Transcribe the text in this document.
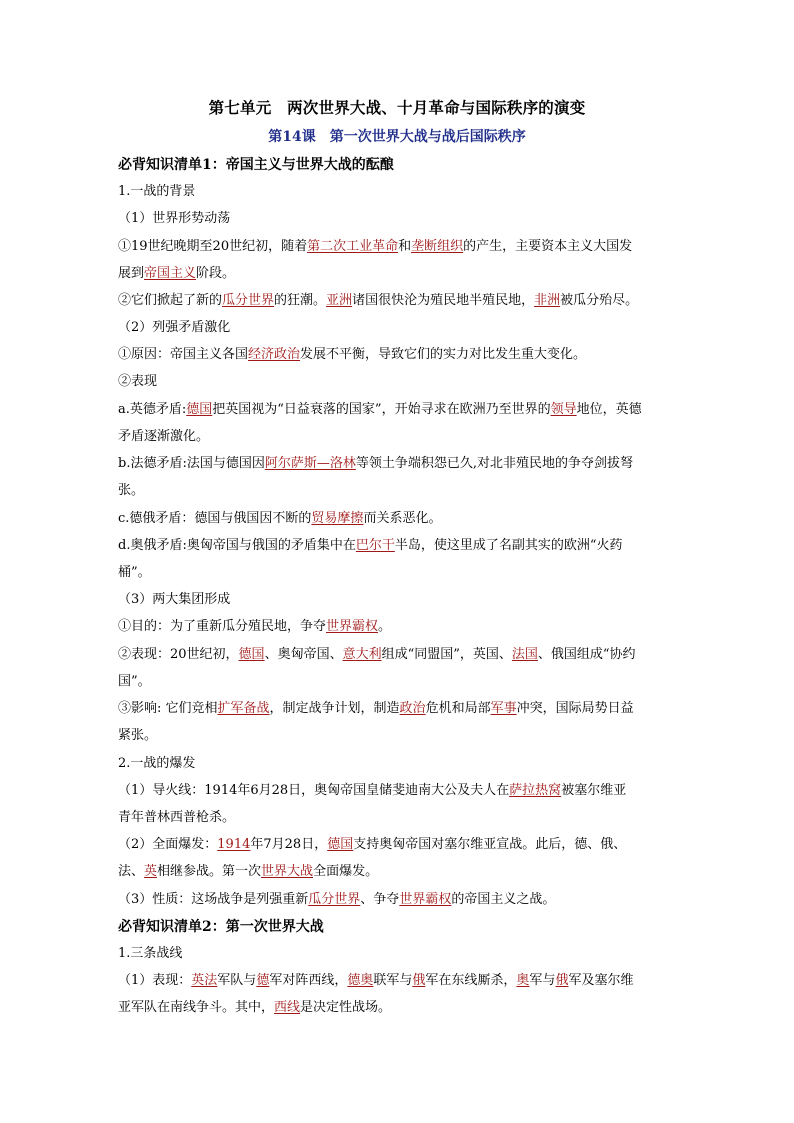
第七单元　两次世界大战、十月革命与国际秩序的演变
第14课　第一次世界大战与战后国际秩序
必背知识清单1：帝国主义与世界大战的酝酿
1.一战的背景
（1）世界形势动荡
①19世纪晚期至20世纪初，随着第二次工业革命和垄断组织的产生，主要资本主义大国发
展到帝国主义阶段。
②它们掀起了新的瓜分世界的狂潮。亚洲诸国很快沦为殖民地半殖民地，非洲被瓜分殆尽。
（2）列强矛盾激化
①原因：帝国主义各国经济政治发展不平衡，导致它们的实力对比发生重大变化。
②表现
a.英德矛盾:德国把英国视为“日益衰落的国家”，开始寻求在欧洲乃至世界的领导地位，英德
矛盾逐渐激化。
b.法德矛盾:法国与德国因阿尔萨斯—洛林等领土争端积怨已久,对北非殖民地的争夺剑拔弩
张。
c.德俄矛盾：德国与俄国因不断的贸易摩擦而关系恶化。
d.奥俄矛盾:奥匈帝国与俄国的矛盾集中在巴尔干半岛，使这里成了名副其实的欧洲“火药
桶”。
（3）两大集团形成
①目的：为了重新瓜分殖民地，争夺世界霸权。
②表现：20世纪初，德国、奥匈帝国、意大利组成“同盟国”，英国、法国、俄国组成“协约
国”。
③影响: 它们竞相扩军备战，制定战争计划，制造政治危机和局部军事冲突，国际局势日益
紧张。
2.一战的爆发
（1）导火线：1914年6月28日，奥匈帝国皇储斐迪南大公及夫人在萨拉热窝被塞尔维亚
青年普林西普枪杀。
（2）全面爆发：1914年7月28日，德国支持奥匈帝国对塞尔维亚宣战。此后，德、俄、
法、英相继参战。第一次世界大战全面爆发。
（3）性质：这场战争是列强重新瓜分世界、争夺世界霸权的帝国主义之战。
必背知识清单2：第一次世界大战
1.三条战线
（1）表现：英法军队与德军对阵西线，德奥联军与俄军在东线厮杀，奥军与俄军及塞尔维
亚军队在南线争斗。其中，西线是决定性战场。
